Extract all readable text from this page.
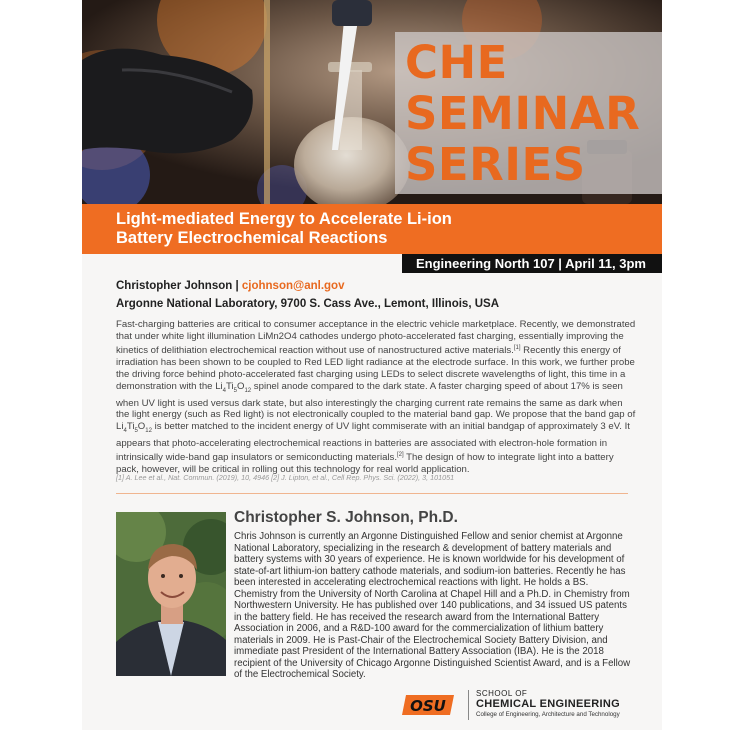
CHE
SEMINAR
SERIES
Light-mediated Energy to Accelerate Li-ion
Battery Electrochemical Reactions
Engineering North 107 | April 11, 3pm
Christopher Johnson | cjohnson@anl.gov
Argonne National Laboratory, 9700 S. Cass Ave., Lemont, Illinois, USA
Fast-charging batteries are critical to consumer acceptance in the electric vehicle marketplace. Recently, we demonstrated that under white light illumination LiMn2O4 cathodes undergo photo-accelerated fast charging, essentially improving the kinetics of delithiation electrochemical reaction without use of nanostructured active materials.[1] Recently this energy of irradiation has been shown to be coupled to Red LED light radiance at the electrode surface. In this work, we further probe the driving force behind photo-accelerated fast charging using LEDs to select discrete wavelengths of light, this time in a demonstration with the $Li_4Ti_5O_{12}$ spinel anode compared to the dark state. A faster charging speed of about 17% is seen when UV light is used versus dark state, but also interestingly the charging current rate remains the same as dark when the light energy (such as Red light) is not electronically coupled to the material band gap. We propose that the band gap of $Li_4Ti_5O_{12}$ is better matched to the incident energy of UV light commiserate with an initial bandgap of approximately 3 eV. It appears that photo-accelerating electrochemical reactions in batteries are associated with electron-hole formation in intrinsically wide-band gap insulators or semiconducting materials.[2] The design of how to integrate light into a battery pack, however, will be critical in rolling out this technology for real world application.
[1] A. Lee et al., Nat. Commun. (2019), 10, 4946 [2] J. Lipton, et al., Cell Rep. Phys. Sci. (2022), 3, 101051
Christopher S. Johnson, Ph.D.
Chris Johnson is currently an Argonne Distinguished Fellow and senior chemist at Argonne National Laboratory, specializing in the research & development of battery materials and battery systems with 30 years of experience. He is known worldwide for his development of state-of-art lithium-ion battery cathode materials, and sodium-ion batteries. Recently he has been interested in accelerating electrochemical reactions with light. He holds a BS. Chemistry from the University of North Carolina at Chapel Hill and a Ph.D. in Chemistry from Northwestern University. He has published over 140 publications, and 34 issued US patents in the battery field. He has received the research award from the International Battery Association in 2006, and a R&D-100 award for the commercialization of lithium battery materials in 2009. He is Past-Chair of the Electrochemical Society Battery Division, and immediate past President of the International Battery Association (IBA). He is the 2018 recipient of the University of Chicago Argonne Distinguished Scientist Award, and is a Fellow of the Electrochemical Society.
OSU
SCHOOL OF
CHEMICAL ENGINEERING
College of Engineering, Architecture and Technology
